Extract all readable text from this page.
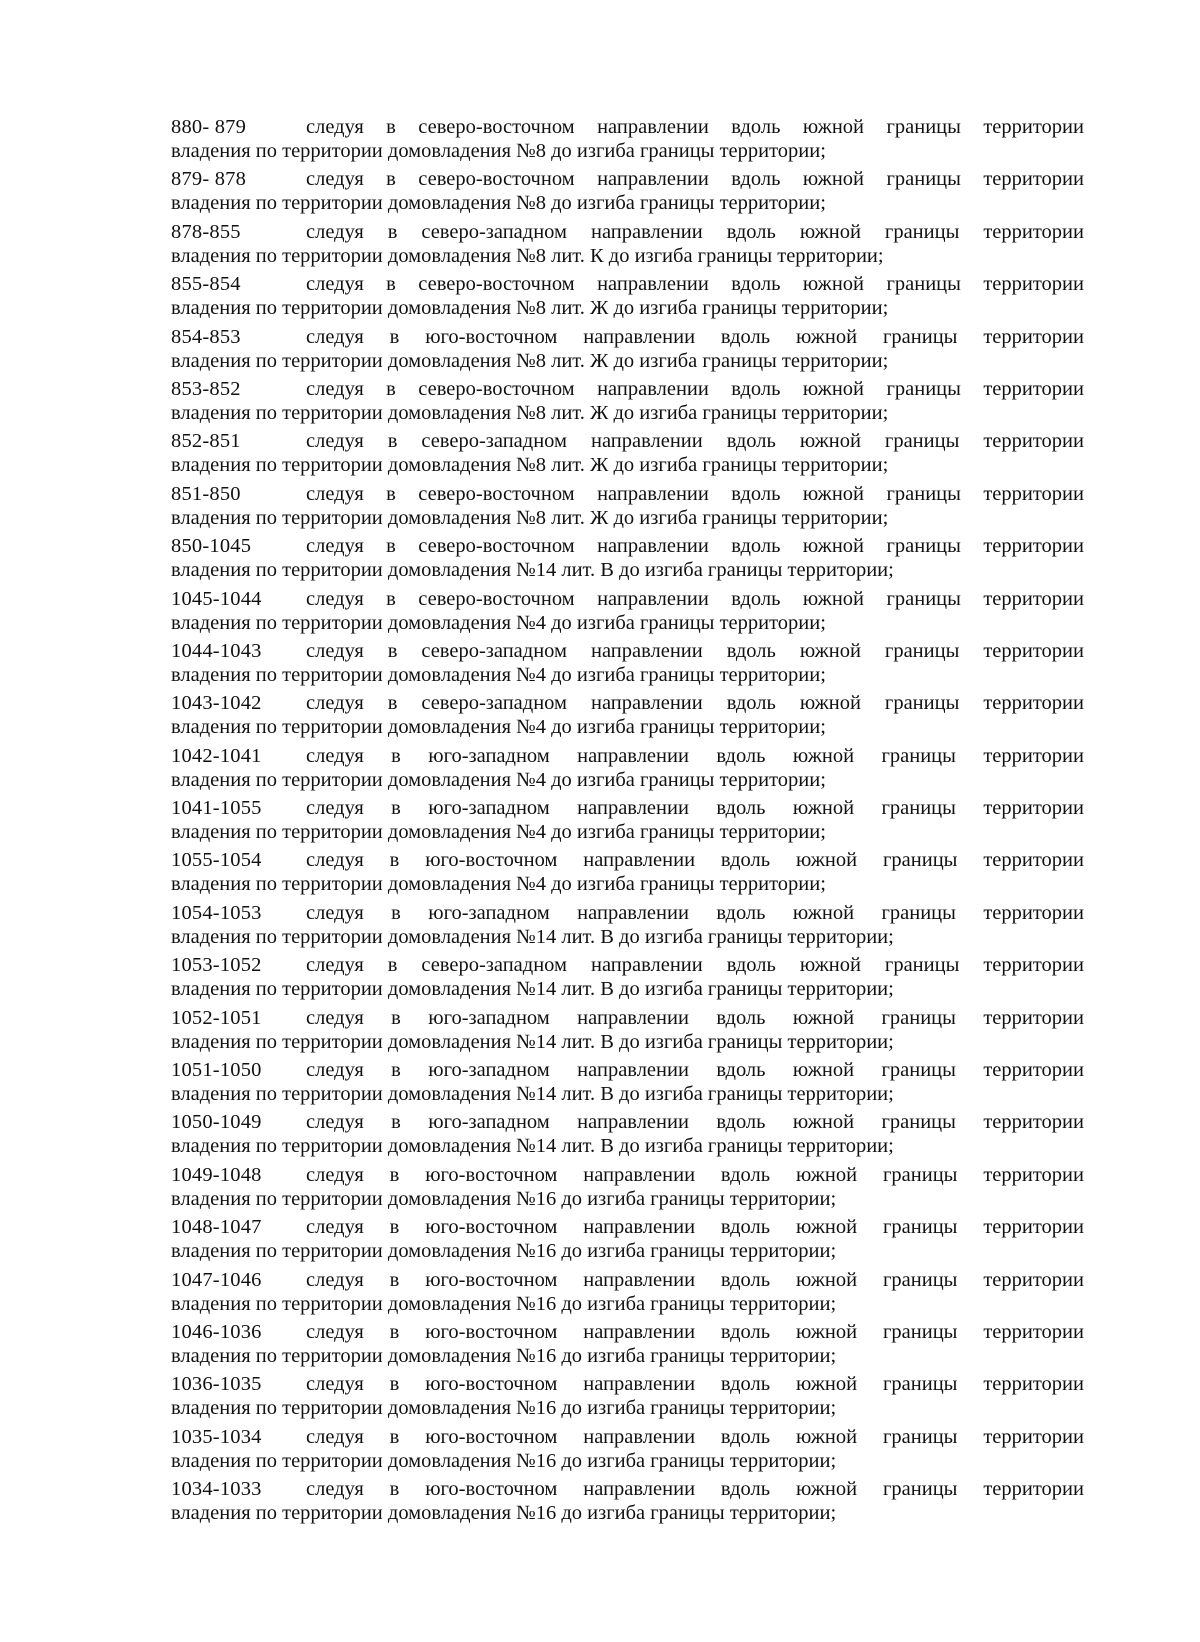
880- 879	следуя в северо-восточном направлении вдоль южной границы территории
владения по территории домовладения №8 до изгиба границы территории;
879- 878	следуя в северо-восточном направлении вдоль южной границы территории
владения по территории домовладения №8 до изгиба границы территории;
878-855	следуя в северо-западном направлении вдоль южной границы территории
владения по территории домовладения №8 лит. К до изгиба границы территории;
855-854	следуя в северо-восточном направлении вдоль южной границы территории
владения по территории домовладения №8 лит. Ж до изгиба границы территории;
854-853	следуя в юго-восточном направлении вдоль южной границы территории
владения по территории домовладения №8 лит. Ж до изгиба границы территории;
853-852	следуя в северо-восточном направлении вдоль южной границы территории
владения по территории домовладения №8 лит. Ж до изгиба границы территории;
852-851	следуя в северо-западном направлении вдоль южной границы территории
владения по территории домовладения №8 лит. Ж до изгиба границы территории;
851-850	следуя в северо-восточном направлении вдоль южной границы территории
владения по территории домовладения №8 лит. Ж до изгиба границы территории;
850-1045	следуя в северо-восточном направлении вдоль южной границы территории
владения по территории домовладения №14 лит. В до изгиба границы территории;
1045-1044	следуя в северо-восточном направлении вдоль южной границы территории
владения по территории домовладения №4 до изгиба границы территории;
1044-1043	следуя в северо-западном направлении вдоль южной границы территории
владения по территории домовладения №4 до изгиба границы территории;
1043-1042	следуя в северо-западном направлении вдоль южной границы территории
владения по территории домовладения №4 до изгиба границы территории;
1042-1041	следуя в юго-западном направлении вдоль южной границы территории
владения по территории домовладения №4 до изгиба границы территории;
1041-1055	следуя в юго-западном направлении вдоль южной границы территории
владения по территории домовладения №4 до изгиба границы территории;
1055-1054	следуя в юго-восточном направлении вдоль южной границы территории
владения по территории домовладения №4 до изгиба границы территории;
1054-1053	следуя в юго-западном направлении вдоль южной границы территории
владения по территории домовладения №14 лит. В до изгиба границы территории;
1053-1052	следуя в северо-западном направлении вдоль южной границы территории
владения по территории домовладения №14 лит. В до изгиба границы территории;
1052-1051	следуя в юго-западном направлении вдоль южной границы территории
владения по территории домовладения №14 лит. В до изгиба границы территории;
1051-1050	следуя в юго-западном направлении вдоль южной границы территории
владения по территории домовладения №14 лит. В до изгиба границы территории;
1050-1049	следуя в юго-западном направлении вдоль южной границы территории
владения по территории домовладения №14 лит. В до изгиба границы территории;
1049-1048	следуя в юго-восточном направлении вдоль южной границы территории
владения по территории домовладения №16 до изгиба границы территории;
1048-1047	следуя в юго-восточном направлении вдоль южной границы территории
владения по территории домовладения №16 до изгиба границы территории;
1047-1046	следуя в юго-восточном направлении вдоль южной границы территории
владения по территории домовладения №16 до изгиба границы территории;
1046-1036	следуя в юго-восточном направлении вдоль южной границы территории
владения по территории домовладения №16 до изгиба границы территории;
1036-1035	следуя в юго-восточном направлении вдоль южной границы территории
владения по территории домовладения №16 до изгиба границы территории;
1035-1034	следуя в юго-восточном направлении вдоль южной границы территории
владения по территории домовладения №16 до изгиба границы территории;
1034-1033	следуя в юго-восточном направлении вдоль южной границы территории
владения по территории домовладения №16 до изгиба границы территории;
